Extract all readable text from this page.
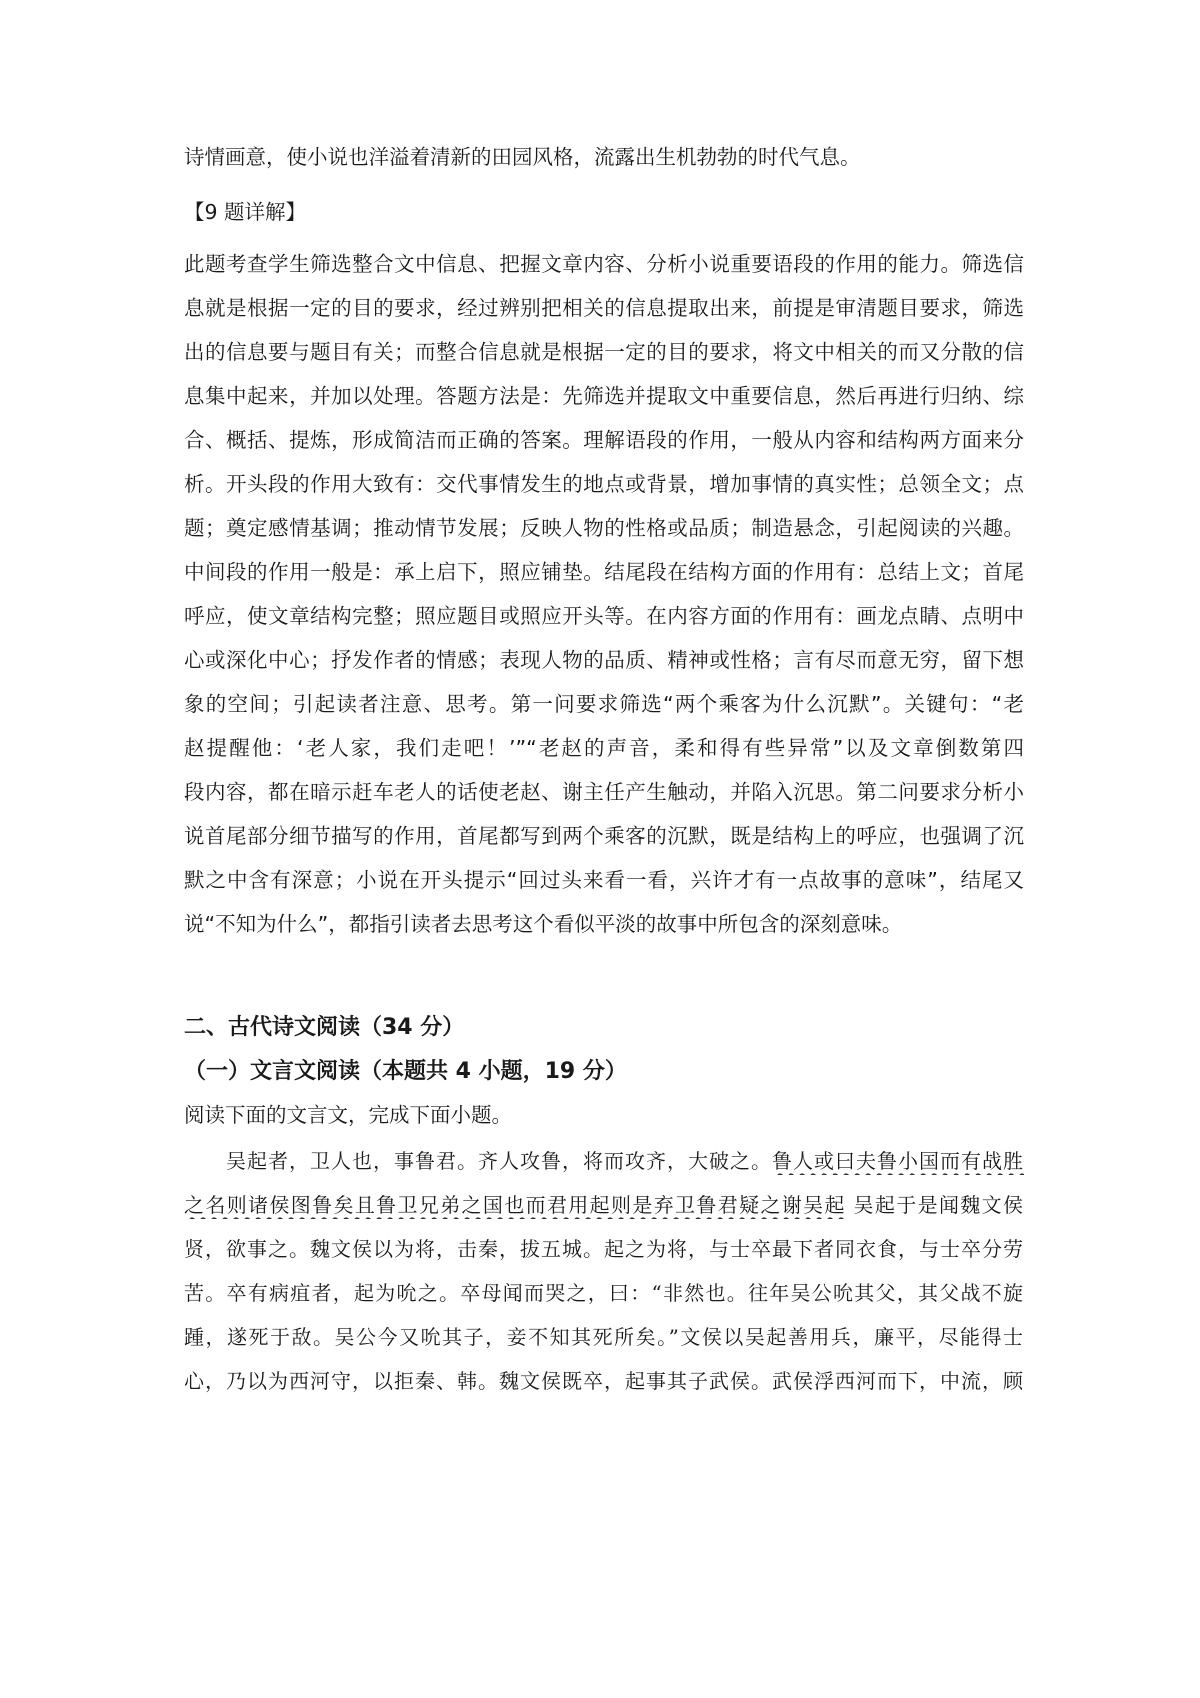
诗情画意，使小说也洋溢着清新的田园风格，流露出生机勃勃的时代气息。
【9 题详解】
此题考查学生筛选整合文中信息、把握文章内容、分析小说重要语段的作用的能力。筛选信
息就是根据一定的目的要求，经过辨别把相关的信息提取出来，前提是审清题目要求，筛选
出的信息要与题目有关；而整合信息就是根据一定的目的要求，将文中相关的而又分散的信
息集中起来，并加以处理。答题方法是：先筛选并提取文中重要信息，然后再进行归纳、综
合、概括、提炼，形成简洁而正确的答案。理解语段的作用，一般从内容和结构两方面来分
析。开头段的作用大致有：交代事情发生的地点或背景，增加事情的真实性；总领全文；点
题；奠定感情基调；推动情节发展；反映人物的性格或品质；制造悬念，引起阅读的兴趣。
中间段的作用一般是：承上启下，照应铺垫。结尾段在结构方面的作用有：总结上文；首尾
呼应，使文章结构完整；照应题目或照应开头等。在内容方面的作用有：画龙点睛、点明中
心或深化中心；抒发作者的情感；表现人物的品质、精神或性格；言有尽而意无穷，留下想
象的空间；引起读者注意、思考。第一问要求筛选“两个乘客为什么沉默”。关键句：“老
赵提醒他：‘老人家，我们走吧！’”“老赵的声音，柔和得有些异常”以及文章倒数第四
段内容，都在暗示赶车老人的话使老赵、谢主任产生触动，并陷入沉思。第二问要求分析小
说首尾部分细节描写的作用，首尾都写到两个乘客的沉默，既是结构上的呼应，也强调了沉
默之中含有深意；小说在开头提示“回过头来看一看，兴许才有一点故事的意味”，结尾又
说“不知为什么”，都指引读者去思考这个看似平淡的故事中所包含的深刻意味。
二、古代诗文阅读（34 分）
（一）文言文阅读（本题共 4 小题，19 分）
阅读下面的文言文，完成下面小题。
吴起者，卫人也，事鲁君。齐人攻鲁，将而攻齐，大破之。鲁人或曰夫鲁小国而有战胜
之名则诸侯图鲁矣且鲁卫兄弟之国也而君用起则是弃卫鲁君疑之谢吴起 吴起于是闻魏文侯
贤，欲事之。魏文侯以为将，击秦，拔五城。起之为将，与士卒最下者同衣食，与士卒分劳
苦。卒有病疽者，起为吮之。卒母闻而哭之，曰：“非然也。往年吴公吮其父，其父战不旋
踵，遂死于敌。吴公今又吮其子，妾不知其死所矣。”文侯以吴起善用兵，廉平，尽能得士
心，乃以为西河守，以拒秦、韩。魏文侯既卒，起事其子武侯。武侯浮西河而下，中流，顾
